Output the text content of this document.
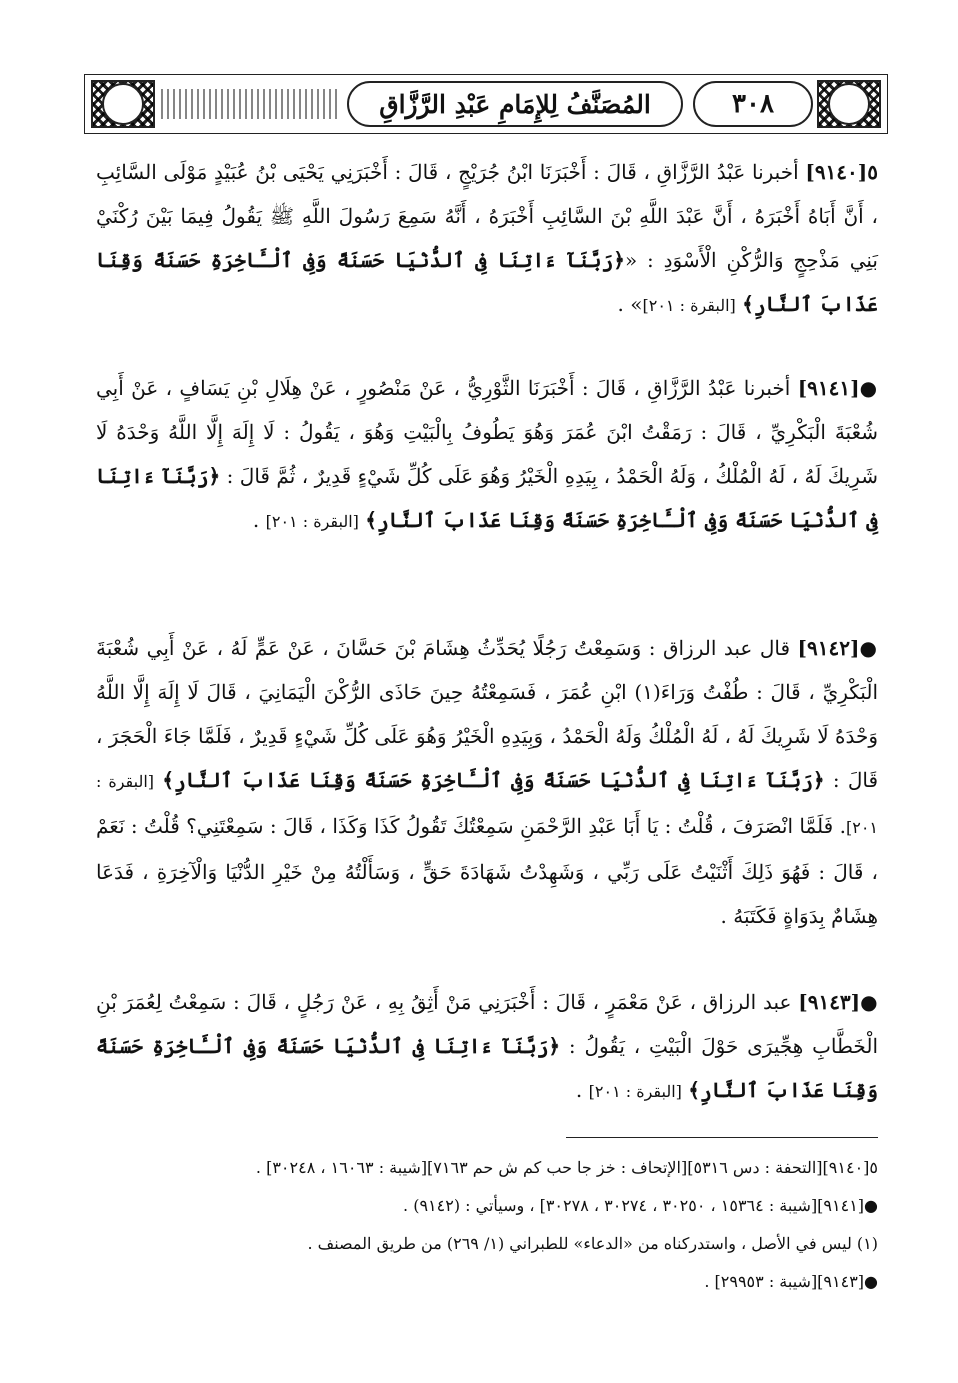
المُصَنَّفُ لِلإِمَامِ عَبْدِ الرَّزَّاقِ	٣٠٨

٥[٩١٤٠] أخبرنا عَبْدُ الرَّزَّاقِ ، قَالَ : أَخْبَرَنَا ابْنُ جُرَيْجٍ ، قَالَ : أَخْبَرَنِي يَحْيَى بْنُ عُبَيْدٍ مَوْلَى السَّائِبِ ، أَنَّ أَبَاهُ أَخْبَرَهُ ، أَنَّ عَبْدَ اللَّهِ بْنَ السَّائِبِ أَخْبَرَهُ ، أَنَّهُ سَمِعَ رَسُولَ اللَّهِ ﷺ يَقُولُ فِيمَا بَيْنَ رُكْنَيْ بَنِي مَذْحِجٍ وَالرُّكْنِ الْأَسْوَدِ : «﴿رَبَّنَآ ءَاتِنَا فِى ٱلدُّنْيَا حَسَنَةً وَفِى ٱلْـَٔاخِرَةِ حَسَنَةً وَقِنَا عَذَابَ ٱلنَّارِ﴾ [البقرة : ٢٠١]» .

●[٩١٤١] أخبرنا عَبْدُ الرَّزَّاقِ ، قَالَ : أَخْبَرَنَا الثَّوْرِيُّ ، عَنْ مَنْصُورٍ ، عَنْ هِلَالِ بْنِ يَسَافٍ ، عَنْ أَبِي شُعْبَةَ الْبَكْرِيِّ ، قَالَ : رَمَقْتُ ابْنَ عُمَرَ وَهُوَ يَطُوفُ بِالْبَيْتِ وَهُوَ ، يَقُولُ : لَا إِلَهَ إِلَّا اللَّهُ وَحْدَهُ لَا شَرِيكَ لَهُ ، لَهُ الْمُلْكُ ، وَلَهُ الْحَمْدُ ، بِيَدِهِ الْخَيْرُ وَهُوَ عَلَى كُلِّ شَيْءٍ قَدِيرٌ ، ثُمَّ قَالَ : ﴿رَبَّنَآ ءَاتِنَا فِى ٱلدُّنْيَا حَسَنَةً وَفِى ٱلْـَٔاخِرَةِ حَسَنَةً وَقِنَا عَذَابَ ٱلنَّارِ﴾ [البقرة : ٢٠١] .

●[٩١٤٢] قال عبد الرزاق : وَسَمِعْتُ رَجُلًا يُحَدِّثُ هِشَامَ بْنَ حَسَّانَ ، عَنْ عَمٍّ لَهُ ، عَنْ أَبِي شُعْبَةَ الْبَكْرِيِّ ، قَالَ : طُفْتُ وَرَاءَ(١) ابْنِ عُمَرَ ، فَسَمِعْتُهُ حِينَ حَاذَى الرُّكْنَ الْيَمَانِيَ ، قَالَ لَا إِلَهَ إِلَّا اللَّهُ وَحْدَهُ لَا شَرِيكَ لَهُ ، لَهُ الْمُلْكُ وَلَهُ الْحَمْدُ ، وَبِيَدِهِ الْخَيْرُ وَهُوَ عَلَى كُلِّ شَيْءٍ قَدِيرٌ ، فَلَمَّا جَاءَ الْحَجَرَ ، قَالَ : ﴿رَبَّنَآ ءَاتِنَا فِى ٱلدُّنْيَا حَسَنَةً وَفِى ٱلْـَٔاخِرَةِ حَسَنَةً وَقِنَا عَذَابَ ٱلنَّارِ﴾ [البقرة : ٢٠١]. فَلَمَّا انْصَرَفَ ، قُلْتُ : يَا أَبَا عَبْدِ الرَّحْمَنِ سَمِعْتُكَ تَقُولُ كَذَا وَكَذَا ، قَالَ : سَمِعْتَنِي؟ قُلْتُ : نَعَمْ ، قَالَ : فَهُوَ ذَلِكَ أَثْنَيْتُ عَلَى رَبِّي ، وَشَهِدْتُ شَهَادَةَ حَقٍّ ، وَسَأَلْتُهُ مِنْ خَيْرِ الدُّنْيَا وَالْآخِرَةِ ، فَدَعَا هِشَامٌ بِدَوَاةٍ فَكَتَبَهُ .

●[٩١٤٣] عبد الرزاق ، عَنْ مَعْمَرٍ ، قَالَ : أَخْبَرَنِي مَنْ أَثِقُ بِهِ ، عَنْ رَجُلٍ ، قَالَ : سَمِعْتُ لِعُمَرَ بْنِ الْخَطَّابِ هِجِّيرَى حَوْلَ الْبَيْتِ ، يَقُولُ : ﴿رَبَّنَآ ءَاتِنَا فِى ٱلدُّنْيَا حَسَنَةً وَفِى ٱلْـَٔاخِرَةِ حَسَنَةً وَقِنَا عَذَابَ ٱلنَّارِ﴾ [البقرة : ٢٠١] .

٥[٩١٤٠][التحفة : دس ٥٣١٦][الإتحاف : خز جا حب كم ش حم ٧١٦٣][شيبة : ١٦٠٦٣ ، ٣٠٢٤٨] .
●[٩١٤١][شيبة : ١٥٣٦٤ ، ٣٠٢٥٠ ، ٣٠٢٧٤ ، ٣٠٢٧٨] ، وسيأتي : (٩١٤٢) .
(١) ليس في الأصل ، واستدركناه من «الدعاء» للطبراني (١/ ٢٦٩) من طريق المصنف .
●[٩١٤٣][شيبة : ٢٩٩٥٣] .
